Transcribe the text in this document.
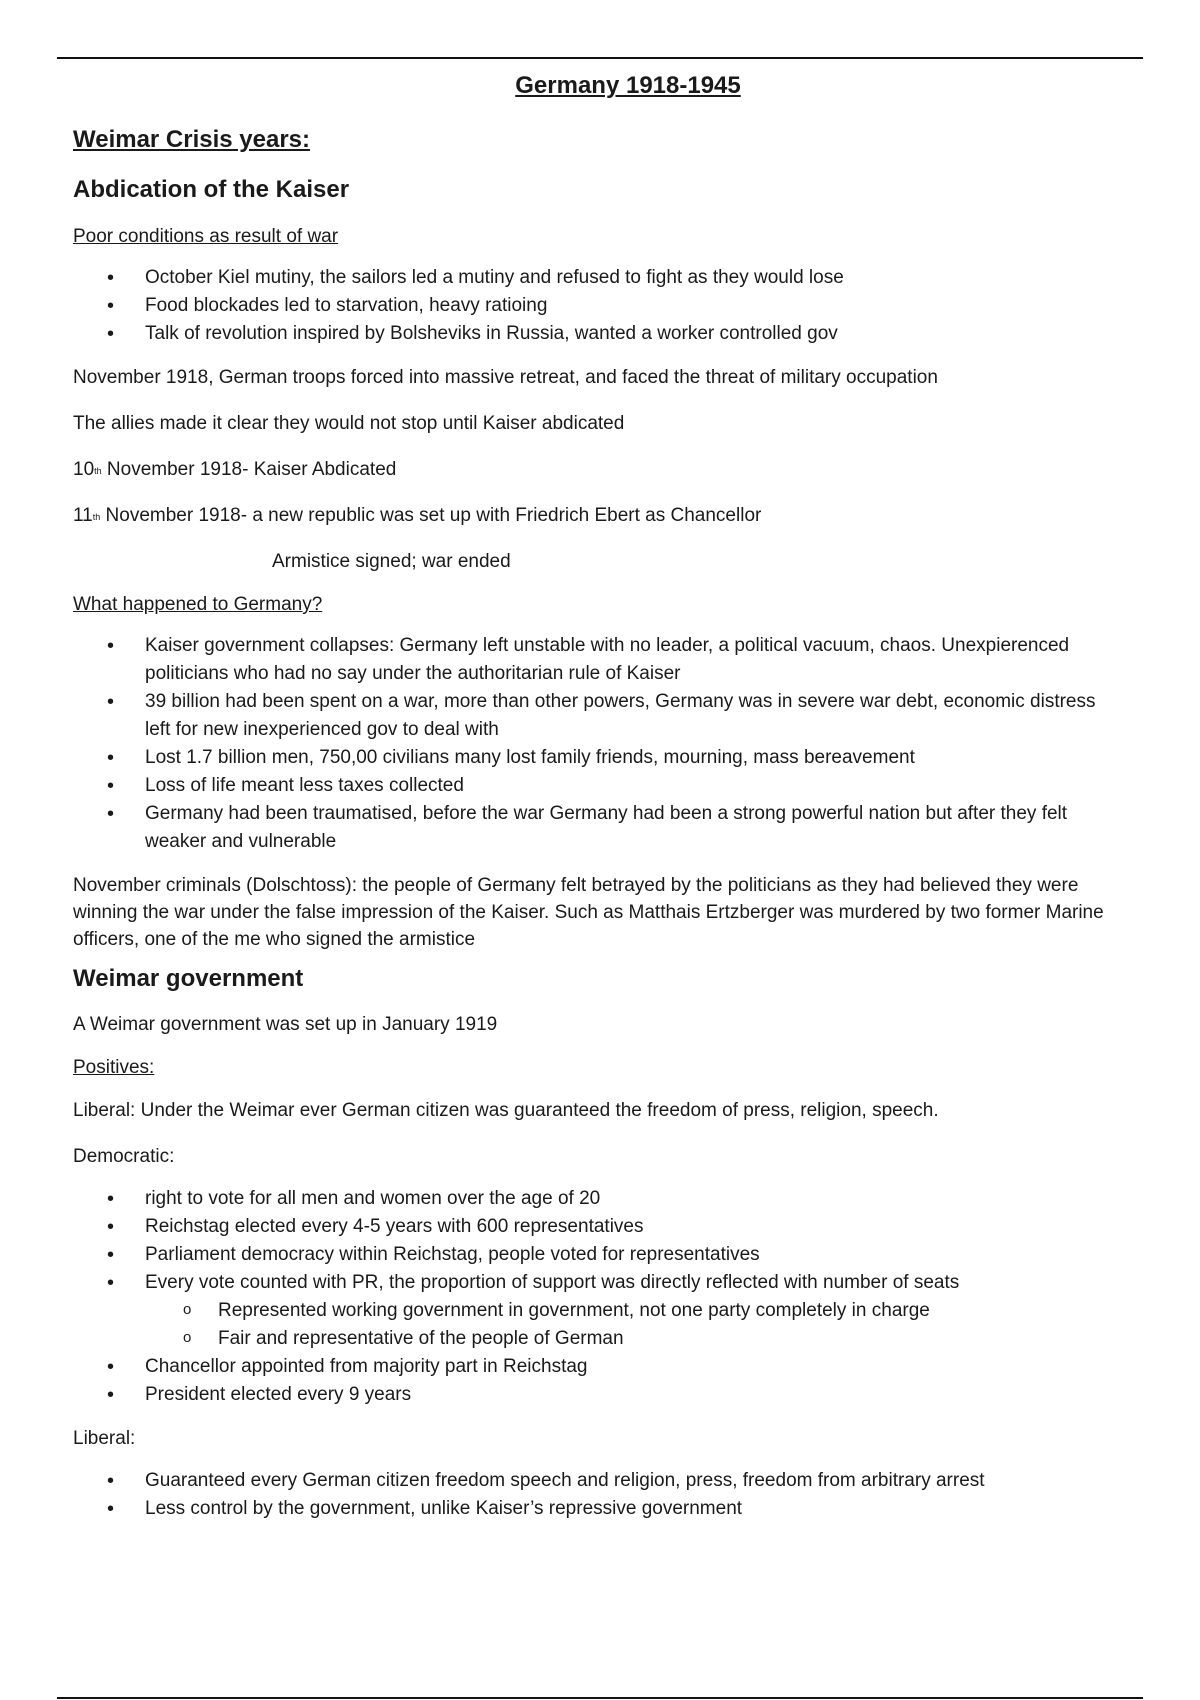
Germany 1918-1945
Weimar Crisis years:
Abdication of the Kaiser
Poor conditions as result of war
• October Kiel mutiny, the sailors led a mutiny and refused to fight as they would lose
• Food blockades led to starvation, heavy ratioing
• Talk of revolution inspired by Bolsheviks in Russia, wanted a worker controlled gov

November 1918, German troops forced into massive retreat, and faced the threat of military occupation

The allies made it clear they would not stop until Kaiser abdicated

10th November 1918- Kaiser Abdicated

11th November 1918- a new republic was set up with Friedrich Ebert as Chancellor

Armistice signed; war ended

What happened to Germany?
• Kaiser government collapses: Germany left unstable with no leader, a political vacuum, chaos. Unexpierenced politicians who had no say under the authoritarian rule of Kaiser
• 39 billion had been spent on a war, more than other powers, Germany was in severe war debt, economic distress left for new inexperienced gov to deal with
• Lost 1.7 billion men, 750,00 civilians many lost family friends, mourning, mass bereavement
• Loss of life meant less taxes collected
• Germany had been traumatised, before the war Germany had been a strong powerful nation but after they felt weaker and vulnerable

November criminals (Dolschtoss): the people of Germany felt betrayed by the politicians as they had believed they were winning the war under the false impression of the Kaiser. Such as Matthais Ertzberger was murdered by two former Marine officers, one of the me who signed the armistice

Weimar government

A Weimar government was set up in January 1919

Positives:

Liberal: Under the Weimar ever German citizen was guaranteed the freedom of press, religion, speech.

Democratic:

• right to vote for all men and women over the age of 20
• Reichstag elected every 4-5 years with 600 representatives
• Parliament democracy within Reichstag, people voted for representatives
• Every vote counted with PR, the proportion of support was directly reflected with number of seats
o Represented working government in government, not one party completely in charge
o Fair and representative of the people of German
• Chancellor appointed from majority part in Reichstag
• President elected every 9 years

Liberal:

• Guaranteed every German citizen freedom speech and religion, press, freedom from arbitrary arrest
• Less control by the government, unlike Kaiser’s repressive government
